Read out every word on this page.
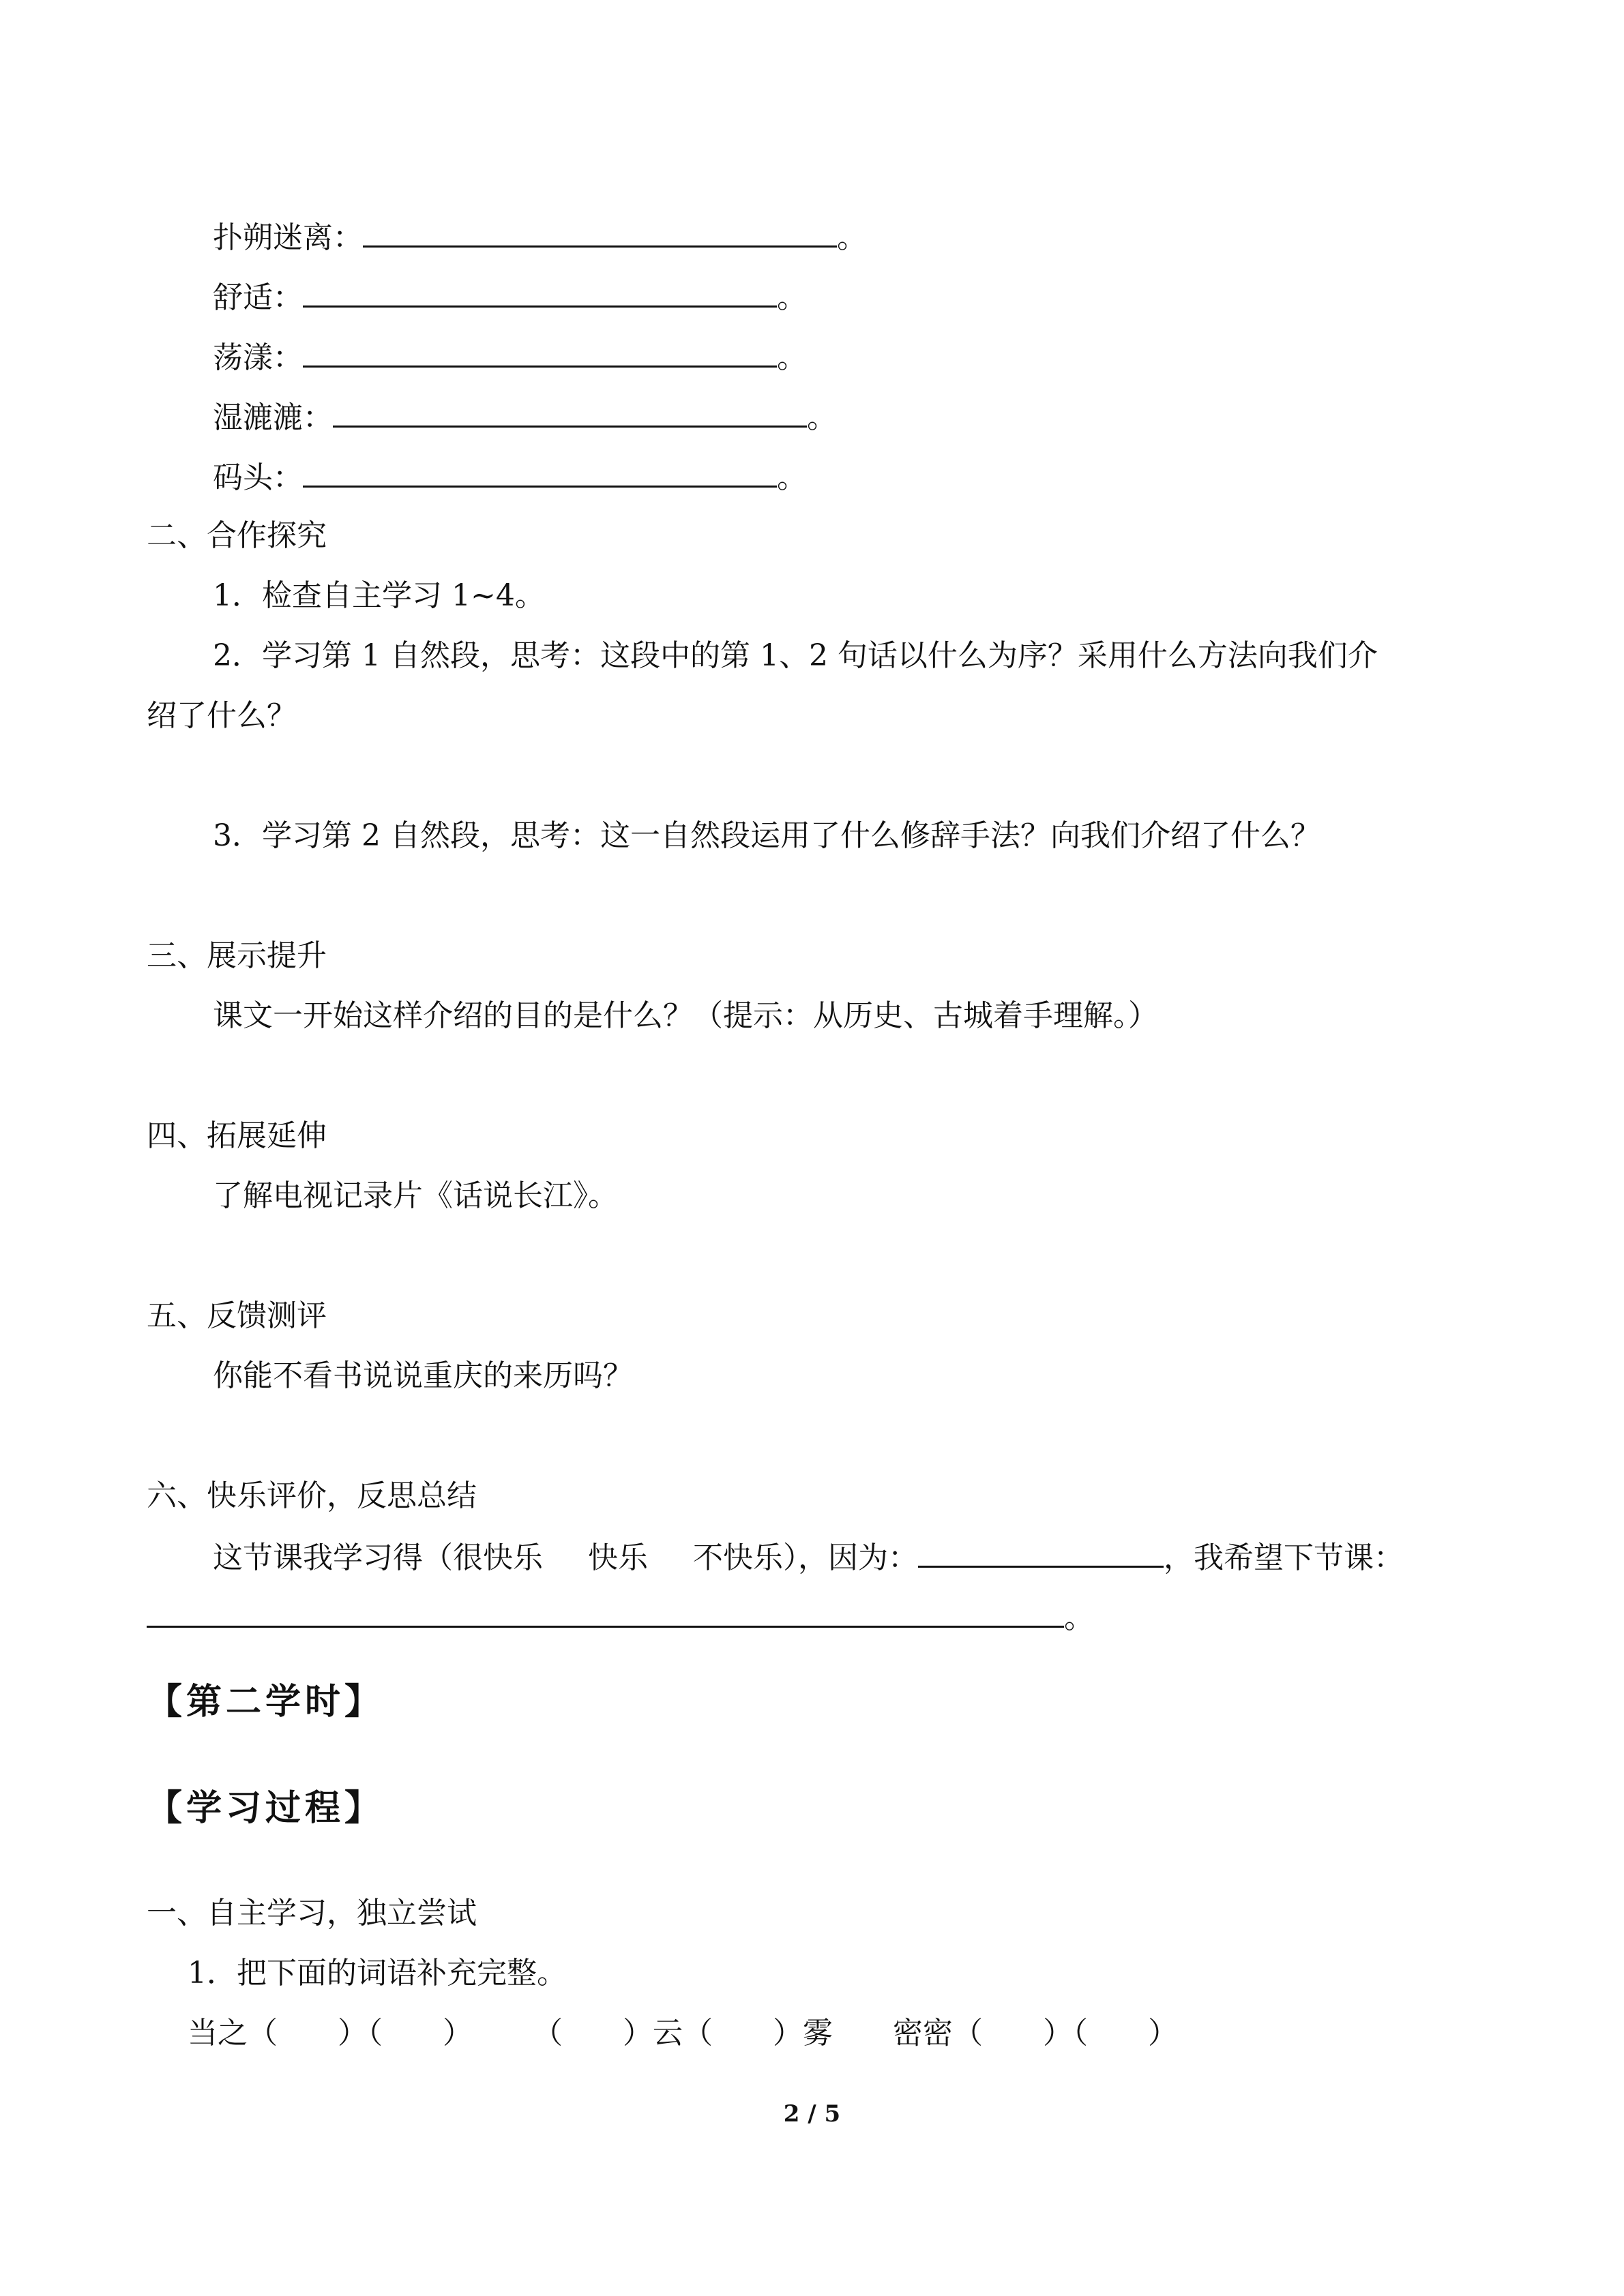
扑朔迷离：	。
舒适：	。
荡漾：	。
湿漉漉：	。
码头：	。
二、合作探究
1．检查自主学习 1~4。
2．学习第 1 自然段，思考：这段中的第 1、2 句话以什么为序？采用什么方法向我们介
绍了什么？
3．学习第 2 自然段，思考：这一自然段运用了什么修辞手法？向我们介绍了什么？
三、展示提升
课文一开始这样介绍的目的是什么？（提示：从历史、古城着手理解。）
四、拓展延伸
了解电视记录片《话说长江》。
五、反馈测评
你能不看书说说重庆的来历吗？
六、快乐评价，反思总结
这节课我学习得（很快乐 快乐 不快乐），因为：	，我希望下节课：
。
【第二学时】
【学习过程】
一、自主学习，独立尝试
1．把下面的词语补充完整。
当之（　　）（　　）　　　（　　）云（　　）雾　　密密（　　）（　　）
2 / 5
